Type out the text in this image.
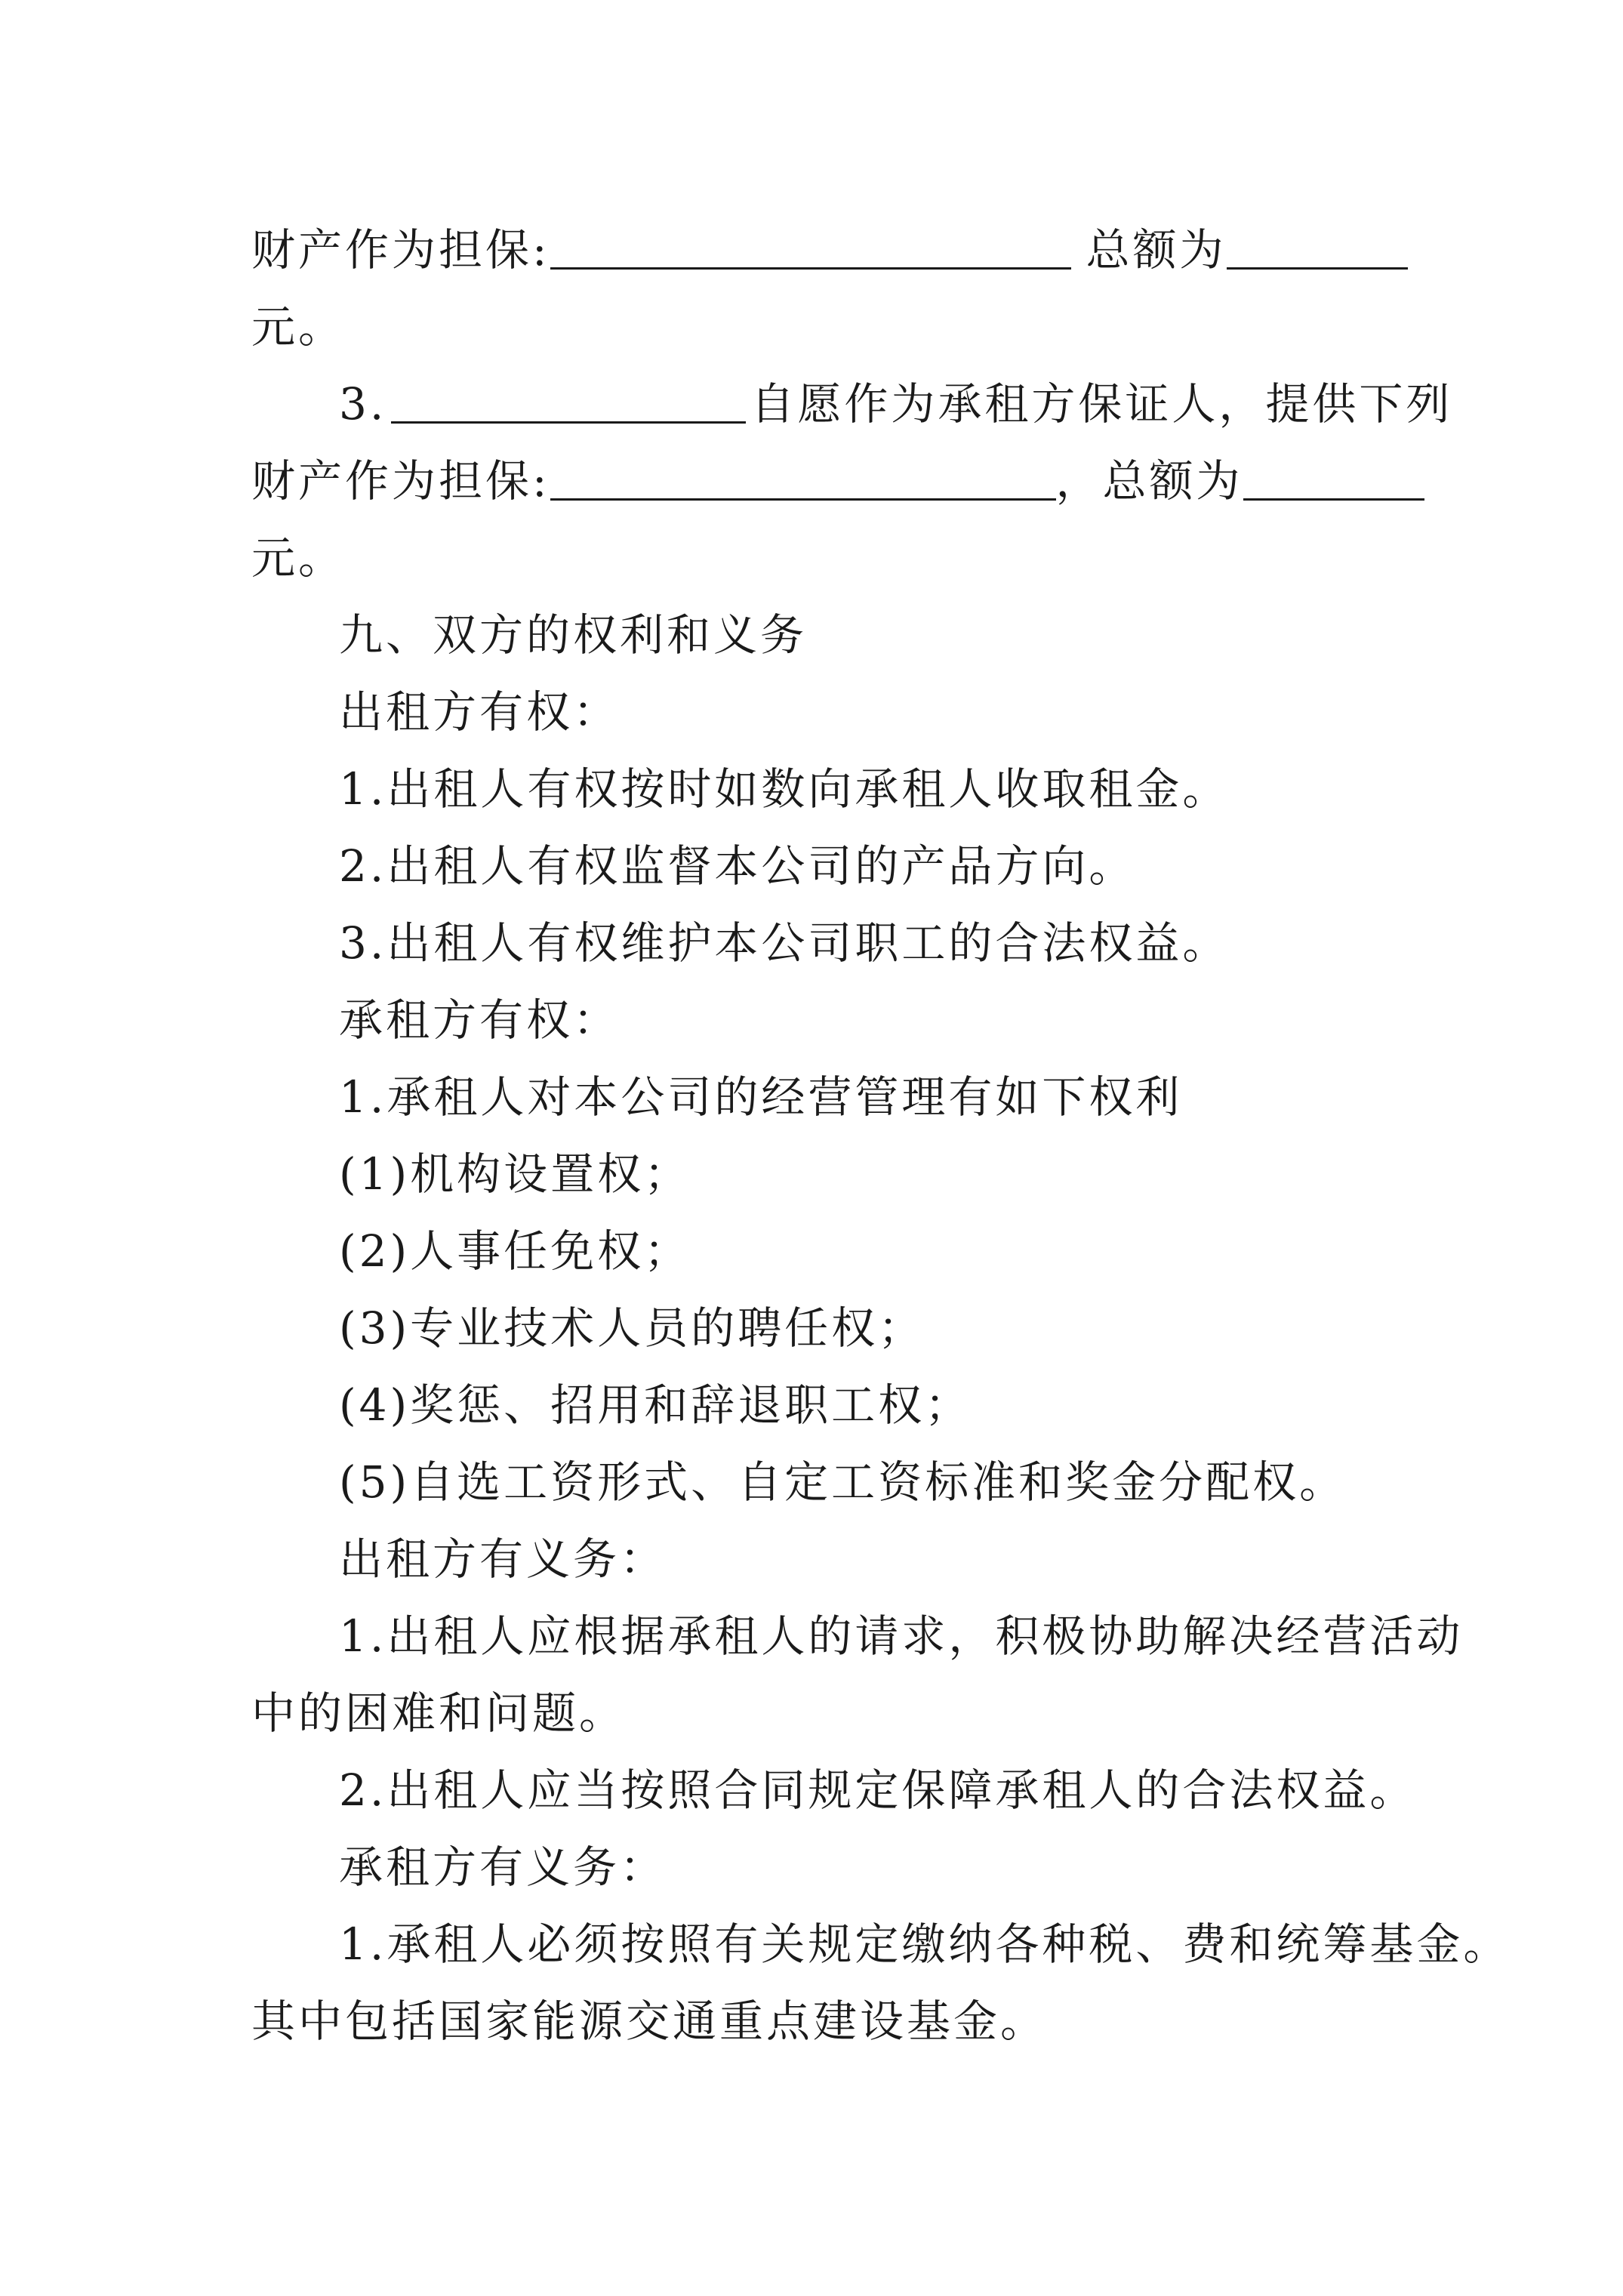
财产作为担保:	总额为
元。
3.	自愿作为承租方保证人，提供下列
财产作为担保:	，总额为
元。
九、双方的权利和义务
出租方有权：
1.出租人有权按时如数向承租人收取租金。
2.出租人有权监督本公司的产品方向。
3.出租人有权维护本公司职工的合法权益。
承租方有权：
1.承租人对本公司的经营管理有如下权利
(1)机构设置权；
(2)人事任免权；
(3)专业技术人员的聘任权；
(4)奖惩、招用和辞退职工权；
(5)自选工资形式、自定工资标准和奖金分配权。
出租方有义务：
1.出租人应根据承租人的请求，积极协助解决经营活动
中的困难和问题。
2.出租人应当按照合同规定保障承租人的合法权益。
承租方有义务：
1.承租人必须按照有关规定缴纳各种税、费和统筹基金。
其中包括国家能源交通重点建设基金。
